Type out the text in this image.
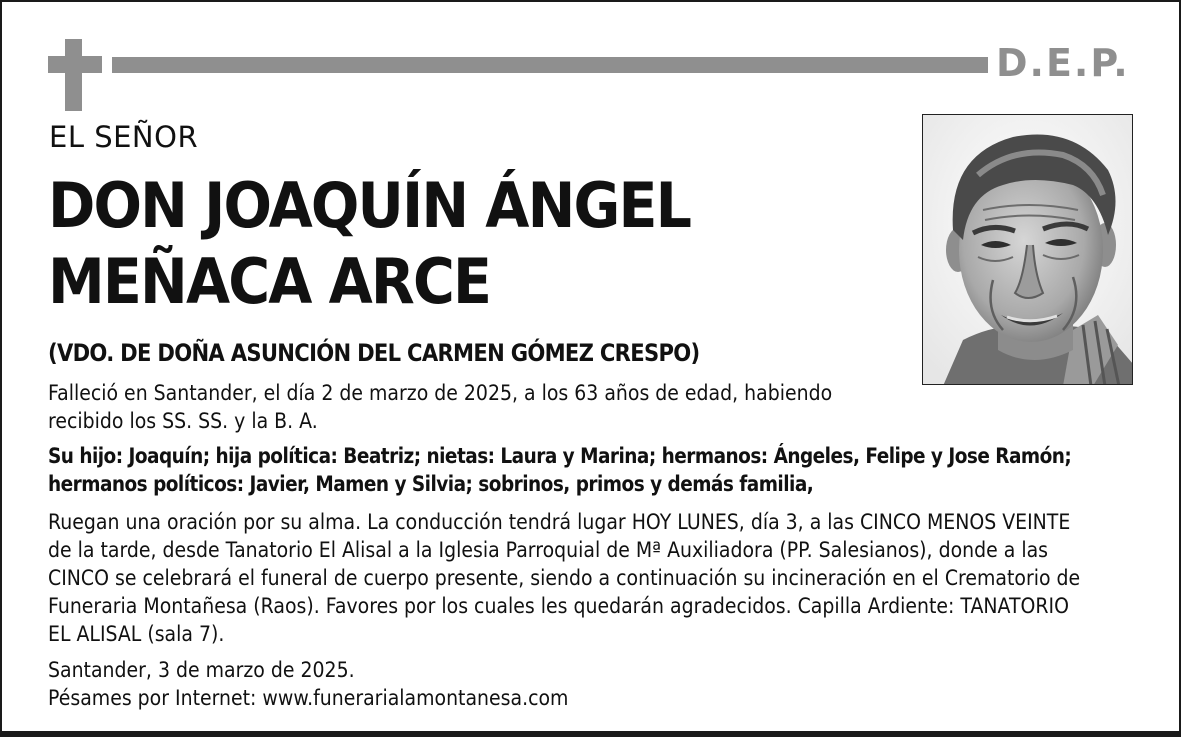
D.E.P.
EL SEÑOR
DON JOAQUÍN ÁNGEL
MEÑACA ARCE
(VDO. DE DOÑA ASUNCIÓN DEL CARMEN GÓMEZ CRESPO)

Falleció en Santander, el día 2 de marzo de 2025, a los 63 años de edad, habiendo
recibido los SS. SS. y la B. A.

Su hijo: Joaquín; hija política: Beatriz; nietas: Laura y Marina; hermanos: Ángeles, Felipe y Jose Ramón;
hermanos políticos: Javier, Mamen y Silvia; sobrinos, primos y demás familia,

Ruegan una oración por su alma. La conducción tendrá lugar HOY LUNES, día 3, a las CINCO MENOS VEINTE
de la tarde, desde Tanatorio El Alisal a la Iglesia Parroquial de Mª Auxiliadora (PP. Salesianos), donde a las
CINCO se celebrará el funeral de cuerpo presente, siendo a continuación su incineración en el Crematorio de
Funeraria Montañesa (Raos). Favores por los cuales les quedarán agradecidos. Capilla Ardiente: TANATORIO
EL ALISAL (sala 7).

Santander, 3 de marzo de 2025.

Pésames por Internet: www.funerarialamontanesa.com
